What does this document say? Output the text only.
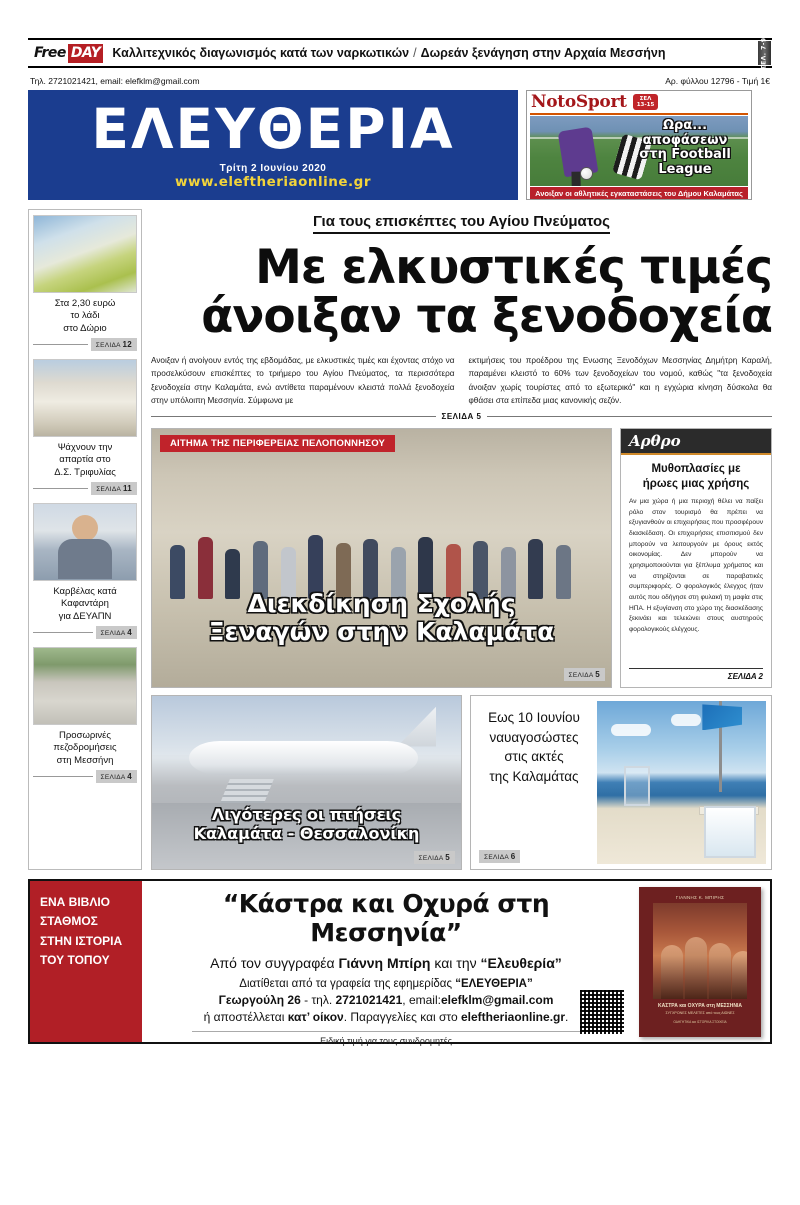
Free DAY Καλλιτεχνικός διαγωνισμός κατά των ναρκωτικών / Δωρεάν ξενάγηση στην Αρχαία Μεσσήνη	ΣΕΛ. 7-9
Τηλ. 2721021421, email: elefklm@gmail.com	Αρ. φύλλου 12796 - Τιμή 1€
ΕΛΕΥΘΕΡΙΑ
Τρίτη 2 Ιουνίου 2020
www.eleftheriaonline.gr
NotoSport	ΣΕΛ
13-15
Ωρα...
αποφάσεων
στη Football
League
Ανοιξαν οι αθλητικές εγκαταστάσεις του Δήμου Καλαμάτας
Στα 2,30 ευρώ
το λάδι
στο Δώριο
ΣΕΛΙΔΑ 12
Ψάχνουν την
απαρτία στο
Δ.Σ. Τριφυλίας
ΣΕΛΙΔΑ 11
Καρβέλας κατά
Καφαντάρη
για ΔΕΥΑΠΝ
ΣΕΛΙΔΑ 4
Προσωρινές
πεζοδρομήσεις
στη Μεσσήνη
ΣΕΛΙΔΑ 4
Για τους επισκέπτες του Αγίου Πνεύματος
Με ελκυστικές τιμές
άνοιξαν τα ξενοδοχεία
Ανοιξαν ή ανοίγουν εντός της εβδομάδας, με ελκυστικές τιμές και έχοντας στόχο να προσελκύσουν επισκέπτες το τριήμερο του Αγίου Πνεύματος, τα περισσότερα ξενοδοχεία στην Καλαμάτα, ενώ αντίθετα παραμένουν κλειστά πολλά ξενοδοχεία στην υπόλοιπη Μεσσηνία. Σύμφωνα με
εκτιμήσεις του προέδρου της Ενωσης Ξενοδόχων Μεσσηνίας Δημήτρη Καραλή, παραμένει κλειστό το 60% των ξενοδοχείων του νομού, καθώς "τα ξενοδοχεία άνοιξαν χωρίς τουρίστες από το εξωτερικό" και η εγχώρια κίνηση δύσκολα θα φθάσει στα επίπεδα μιας κανονικής σεζόν.
ΣΕΛΙΔΑ 5
ΑΙΤΗΜΑ ΤΗΣ ΠΕΡΙΦΕΡΕΙΑΣ ΠΕΛΟΠΟΝΝΗΣΟΥ
Διεκδίκηση Σχολής
Ξεναγών στην Καλαμάτα
ΣΕΛΙΔΑ 5
Αρθρο
Μυθοπλασίες με
ήρωες μιας χρήσης
Αν μια χώρα ή μια περιοχή θέλει να παίξει ρόλο στον τουρισμό θα πρέπει να εξυγιανθούν οι επιχειρήσεις που προσφέρουν διασκέδαση. Οι επιχειρήσεις επισιτισμού δεν μπορούν να λειτουργούν με όρους εκτός οικονομίας. Δεν μπορούν να χρησιμοποιούνται για ξέπλυμα χρήματος και να στηρίζονται σε παραβατικές συμπεριφορές. Ο φορολογικός έλεγχος ήταν αυτός που οδήγησε στη φυλακή τη μαφία στις ΗΠΑ. Η εξυγίανση στο χώρο της διασκέδασης ξεκινάει και τελειώνει στους αυστηρούς φορολογικούς ελέγχους.
ΣΕΛΙΔΑ 2
Λιγότερες οι πτήσεις
Καλαμάτα - Θεσσαλονίκη
ΣΕΛΙΔΑ 5
Εως 10 Ιουνίου
ναυαγοσώστες
στις ακτές
της Καλαμάτας
ΣΕΛΙΔΑ 6
ΕΝΑ ΒΙΒΛΙΟ
ΣΤΑΘΜΟΣ
ΣΤΗΝ ΙΣΤΟΡΙΑ
ΤΟΥ ΤΟΠΟΥ
“Κάστρα και Οχυρά στη Μεσσηνία”
Από τον συγγραφέα Γιάννη Μπίρη και την “Ελευθερία”
Διατίθεται από τα γραφεία της εφημερίδας “ΕΛΕΥΘΕΡΙΑ”
Γεωργούλη 26 - τηλ. 2721021421, email:elefklm@gmail.com
ή αποστέλλεται κατ’ οίκον. Παραγγελίες και στο eleftheriaonline.gr.
Ειδική τιμή για τους συνδρομητές
ΓΙΑΝΝΗΣ Κ. ΜΠΙΡΗΣ
ΚΑΣΤΡΑ και ΟΧΥΡΑ στη ΜΕΣΣΗΝΙΑ
ΣΥΓΧΡΟΝΕΣ ΜΕΛΕΤΕΣ από τους ΑΙΩΝΕΣ
ΟΔΗΓΗΤΙΚΑ και ΙΣΤΟΡΙΚΑ ΣΤΟΙΧΕΙΑ
